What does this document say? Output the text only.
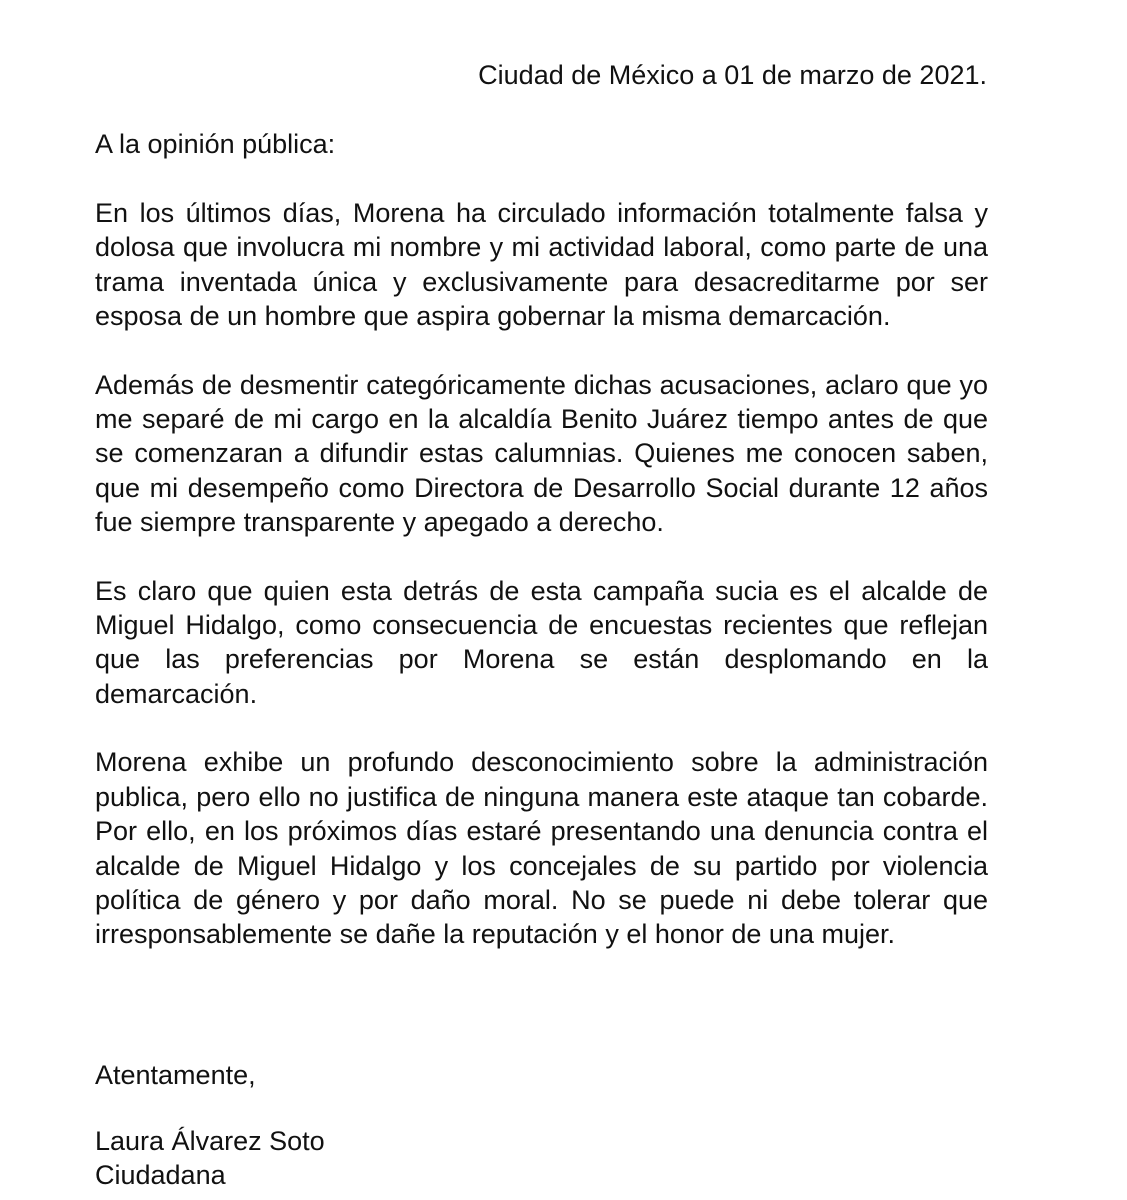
Ciudad de México a 01 de marzo de 2021.
A la opinión pública:

En los últimos días, Morena ha circulado información totalmente falsa y dolosa que involucra mi nombre y mi actividad laboral, como parte de una trama inventada única y exclusivamente para desacreditarme por ser esposa de un hombre que aspira gobernar la misma demarcación.

Además de desmentir categóricamente dichas acusaciones, aclaro que yo me separé de mi cargo en la alcaldía Benito Juárez tiempo antes de que se comenzaran a difundir estas calumnias. Quienes me conocen saben, que mi desempeño como Directora de Desarrollo Social durante 12 años fue siempre transparente y apegado a derecho.

Es claro que quien esta detrás de esta campaña sucia es el alcalde de Miguel Hidalgo, como consecuencia de encuestas recientes que reflejan que las preferencias por Morena se están desplomando en la demarcación.

Morena exhibe un profundo desconocimiento sobre la administración publica, pero ello no justifica de ninguna manera este ataque tan cobarde. Por ello, en los próximos días estaré presentando una denuncia contra el alcalde de Miguel Hidalgo y los concejales de su partido por violencia política de género y por daño moral. No se puede ni debe tolerar que irresponsablemente se dañe la reputación y el honor de una mujer.

Atentamente,
Laura Álvarez Soto
Ciudadana
